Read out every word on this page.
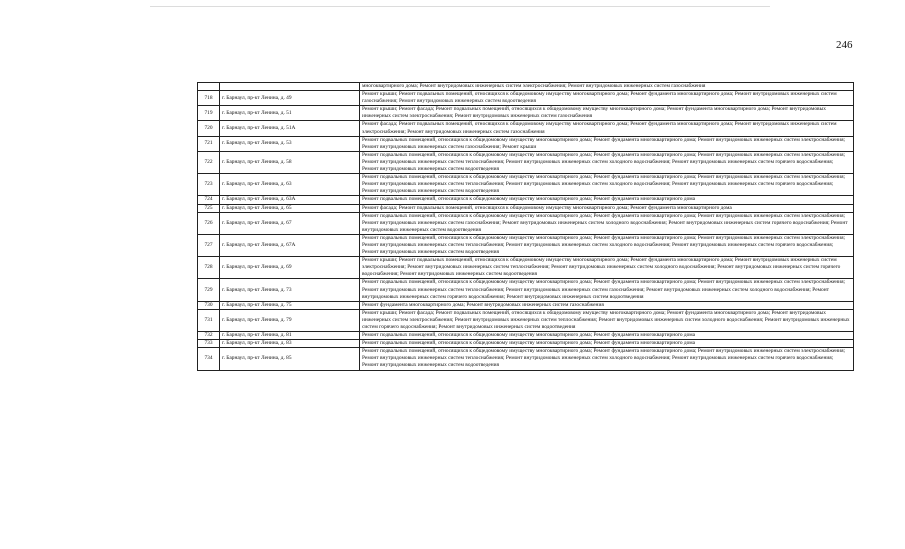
246
		многоквартирного дома; Ремонт внутридомовых инженерных систем электроснабжения; Ремонт внутридомовых инженерных систем газоснабжения
718	г. Барнаул, пр-кт Ленина, д. 49	Ремонт крыши; Ремонт подвальных помещений, относящихся к общедомовому имуществу многоквартирного дома; Ремонт фундамента многоквартирного дома; Ремонт внутридомовых инженерных систем газоснабжения; Ремонт внутридомовых инженерных систем водоотведения
719	г. Барнаул, пр-кт Ленина, д. 51	Ремонт крыши; Ремонт фасада; Ремонт подвальных помещений, относящихся к общедомовому имуществу многоквартирного дома; Ремонт фундамента многоквартирного дома; Ремонт внутридомовых инженерных систем электроснабжения; Ремонт внутридомовых инженерных систем газоснабжения
720	г. Барнаул, пр-кт Ленина, д. 51А	Ремонт фасада; Ремонт подвальных помещений, относящихся к общедомовому имуществу многоквартирного дома; Ремонт фундамента многоквартирного дома; Ремонт внутридомовых инженерных систем электроснабжения; Ремонт внутридомовых инженерных систем газоснабжения
721	г. Барнаул, пр-кт Ленина, д. 53	Ремонт подвальных помещений, относящихся к общедомовому имуществу многоквартирного дома; Ремонт фундамента многоквартирного дома; Ремонт внутридомовых инженерных систем электроснабжения; Ремонт внутридомовых инженерных систем газоснабжения; Ремонт крыши
722	г. Барнаул, пр-кт Ленина, д. 58	Ремонт подвальных помещений, относящихся к общедомовому имуществу многоквартирного дома; Ремонт фундамента многоквартирного дома; Ремонт внутридомовых инженерных систем электроснабжения; Ремонт внутридомовых инженерных систем теплоснабжения; Ремонт внутридомовых инженерных систем холодного водоснабжения; Ремонт внутридомовых инженерных систем горячего водоснабжения; Ремонт внутридомовых инженерных систем водоотведения
723	г. Барнаул, пр-кт Ленина, д. 63	Ремонт подвальных помещений, относящихся к общедомовому имуществу многоквартирного дома; Ремонт фундамента многоквартирного дома; Ремонт внутридомовых инженерных систем электроснабжения; Ремонт внутридомовых инженерных систем теплоснабжения; Ремонт внутридомовых инженерных систем холодного водоснабжения; Ремонт внутридомовых инженерных систем горячего водоснабжения; Ремонт внутридомовых инженерных систем водоотведения
724	г. Барнаул, пр-кт Ленина, д. 63А	Ремонт подвальных помещений, относящихся к общедомовому имуществу многоквартирного дома; Ремонт фундамента многоквартирного дома
725	г. Барнаул, пр-кт Ленина, д. 65	Ремонт фасада; Ремонт подвальных помещений, относящихся к общедомовому имуществу многоквартирного дома; Ремонт фундамента многоквартирного дома
726	г. Барнаул, пр-кт Ленина, д. 67	Ремонт подвальных помещений, относящихся к общедомовому имуществу многоквартирного дома; Ремонт фундамента многоквартирного дома; Ремонт внутридомовых инженерных систем электроснабжения; Ремонт внутридомовых инженерных систем газоснабжения; Ремонт внутридомовых инженерных систем холодного водоснабжения; Ремонт внутридомовых инженерных систем горячего водоснабжения; Ремонт внутридомовых инженерных систем водоотведения
727	г. Барнаул, пр-кт Ленина, д. 67А	Ремонт подвальных помещений, относящихся к общедомовому имуществу многоквартирного дома; Ремонт фундамента многоквартирного дома; Ремонт внутридомовых инженерных систем электроснабжения; Ремонт внутридомовых инженерных систем теплоснабжения; Ремонт внутридомовых инженерных систем холодного водоснабжения; Ремонт внутридомовых инженерных систем горячего водоснабжения; Ремонт внутридомовых инженерных систем водоотведения
728	г. Барнаул, пр-кт Ленина, д. 69	Ремонт крыши; Ремонт подвальных помещений, относящихся к общедомовому имуществу многоквартирного дома; Ремонт фундамента многоквартирного дома; Ремонт внутридомовых инженерных систем электроснабжения; Ремонт внутридомовых инженерных систем теплоснабжения; Ремонт внутридомовых инженерных систем холодного водоснабжения; Ремонт внутридомовых инженерных систем горячего водоснабжения; Ремонт внутридомовых инженерных систем водоотведения
729	г. Барнаул, пр-кт Ленина, д. 73	Ремонт подвальных помещений, относящихся к общедомовому имуществу многоквартирного дома; Ремонт фундамента многоквартирного дома; Ремонт внутридомовых инженерных систем электроснабжения; Ремонт внутридомовых инженерных систем теплоснабжения; Ремонт внутридомовых инженерных систем газоснабжения; Ремонт внутридомовых инженерных систем холодного водоснабжения; Ремонт внутридомовых инженерных систем горячего водоснабжения; Ремонт внутридомовых инженерных систем водоотведения
730	г. Барнаул, пр-кт Ленина, д. 75	Ремонт фундамента многоквартирного дома; Ремонт внутридомовых инженерных систем газоснабжения
731	г. Барнаул, пр-кт Ленина, д. 79	Ремонт крыши; Ремонт фасада; Ремонт подвальных помещений, относящихся к общедомовому имуществу многоквартирного дома; Ремонт фундамента многоквартирного дома; Ремонт внутридомовых инженерных систем электроснабжения; Ремонт внутридомовых инженерных систем теплоснабжения; Ремонт внутридомовых инженерных систем холодного водоснабжения; Ремонт внутридомовых инженерных систем горячего водоснабжения; Ремонт внутридомовых инженерных систем водоотведения
732	г. Барнаул, пр-кт Ленина, д. 81	Ремонт подвальных помещений, относящихся к общедомовому имуществу многоквартирного дома; Ремонт фундамента многоквартирного дома
733	г. Барнаул, пр-кт Ленина, д. 83	Ремонт подвальных помещений, относящихся к общедомовому имуществу многоквартирного дома; Ремонт фундамента многоквартирного дома
734	г. Барнаул, пр-кт Ленина, д. 85	Ремонт подвальных помещений, относящихся к общедомовому имуществу многоквартирного дома; Ремонт фундамента многоквартирного дома; Ремонт внутридомовых инженерных систем электроснабжения; Ремонт внутридомовых инженерных систем теплоснабжения; Ремонт внутридомовых инженерных систем холодного водоснабжения; Ремонт внутридомовых инженерных систем горячего водоснабжения; Ремонт внутридомовых инженерных систем водоотведения
